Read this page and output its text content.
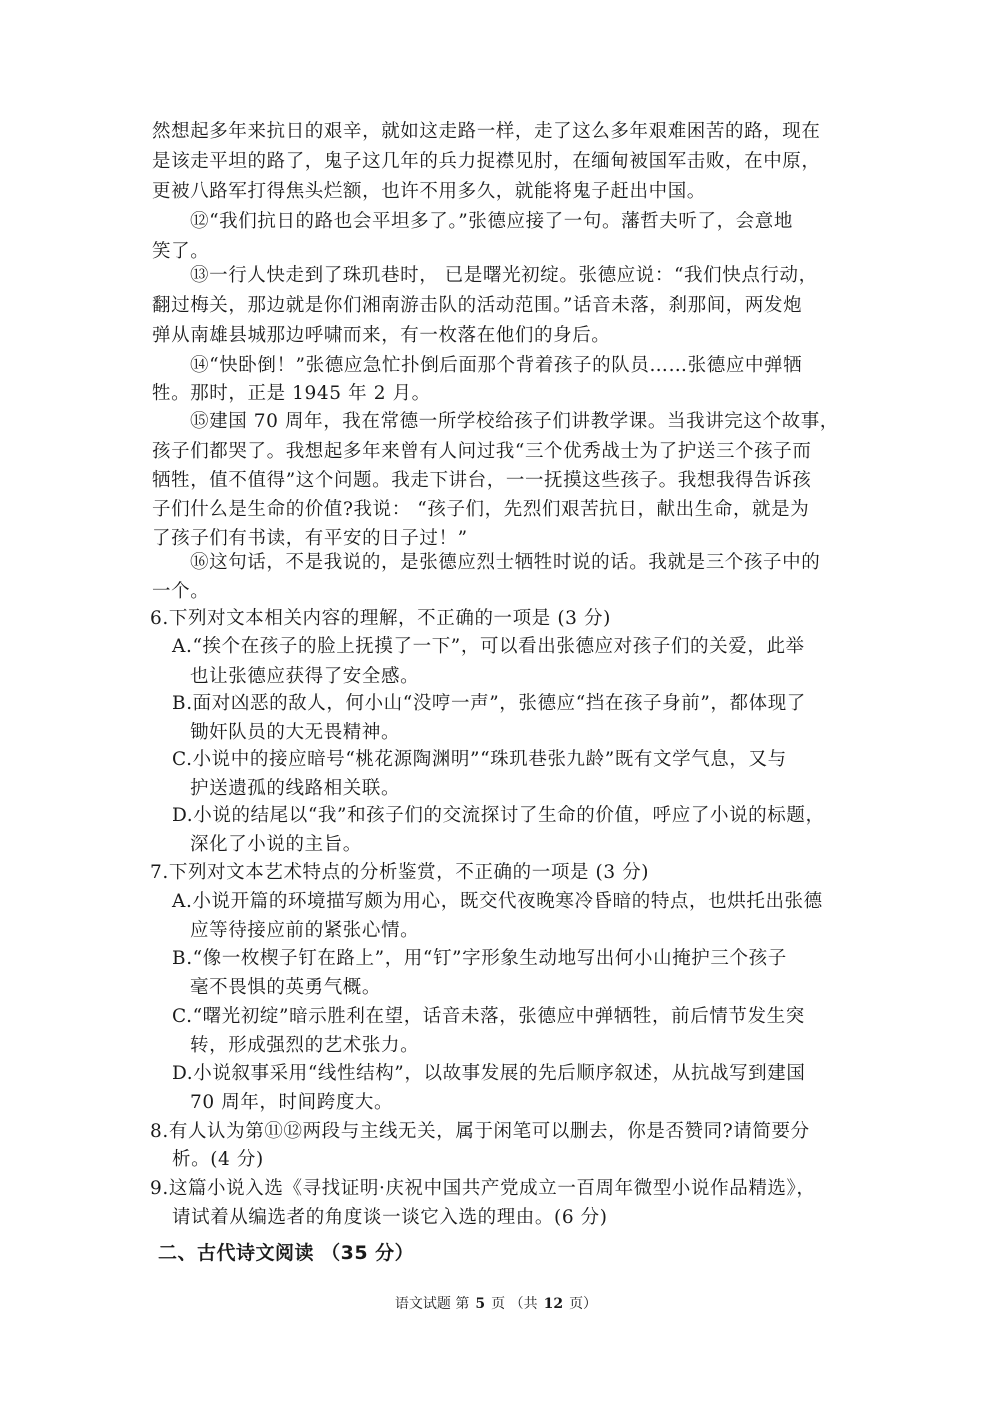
然想起多年来抗日的艰辛，就如这走路一样，走了这么多年艰难困苦的路，现在
是该走平坦的路了，鬼子这几年的兵力捉襟见肘，在缅甸被国军击败，在中原，
更被八路军打得焦头烂额，也许不用多久，就能将鬼子赶出中国。
⑫“我们抗日的路也会平坦多了。”张德应接了一句。藩哲夫听了，会意地
笑了。
⑬一行人快走到了珠玑巷时， 已是曙光初绽。张德应说：“我们快点行动，
翻过梅关，那边就是你们湘南游击队的活动范围。”话音未落，刹那间，两发炮
弹从南雄县城那边呼啸而来，有一枚落在他们的身后。
⑭“快卧倒！”张德应急忙扑倒后面那个背着孩子的队员……张德应中弹牺
牲。那时，正是 1945 年 2 月。
⑮建国 70 周年，我在常德一所学校给孩子们讲教学课。当我讲完这个故事，
孩子们都哭了。我想起多年来曾有人问过我“三个优秀战士为了护送三个孩子而
牺牲，值不值得”这个问题。我走下讲台，一一抚摸这些孩子。我想我得告诉孩
子们什么是生命的价值?我说： “孩子们，先烈们艰苦抗日，献出生命，就是为
了孩子们有书读，有平安的日子过！”
⑯这句话，不是我说的，是张德应烈士牺牲时说的话。我就是三个孩子中的
一个。
6.下列对文本相关内容的理解，不正确的一项是 (3 分)
A.“挨个在孩子的脸上抚摸了一下”，可以看出张德应对孩子们的关爱，此举
也让张德应获得了安全感。
B.面对凶恶的敌人，何小山“没哼一声”，张德应“挡在孩子身前”，都体现了
锄奸队员的大无畏精神。
C.小说中的接应暗号“桃花源陶渊明”“珠玑巷张九龄”既有文学气息，又与
护送遗孤的线路相关联。
D.小说的结尾以“我”和孩子们的交流探讨了生命的价值，呼应了小说的标题，
深化了小说的主旨。
7.下列对文本艺术特点的分析鉴赏，不正确的一项是 (3 分)
A.小说开篇的环境描写颇为用心，既交代夜晚寒冷昏暗的特点，也烘托出张德
应等待接应前的紧张心情。
B.“像一枚楔子钉在路上”，用“钉”字形象生动地写出何小山掩护三个孩子
毫不畏惧的英勇气概。
C.“曙光初绽”暗示胜利在望，话音未落，张德应中弹牺牲，前后情节发生突
转，形成强烈的艺术张力。
D.小说叙事采用“线性结构”，以故事发展的先后顺序叙述，从抗战写到建国
70 周年，时间跨度大。
8.有人认为第⑪⑫两段与主线无关，属于闲笔可以删去，你是否赞同?请简要分
析。(4 分)
9.这篇小说入选《寻找证明·庆祝中国共产党成立一百周年微型小说作品精选》，
请试着从编选者的角度谈一谈它入选的理由。(6 分)
二、古代诗文阅读 （35 分）
语文试题 第 5 页 （共 12 页）
